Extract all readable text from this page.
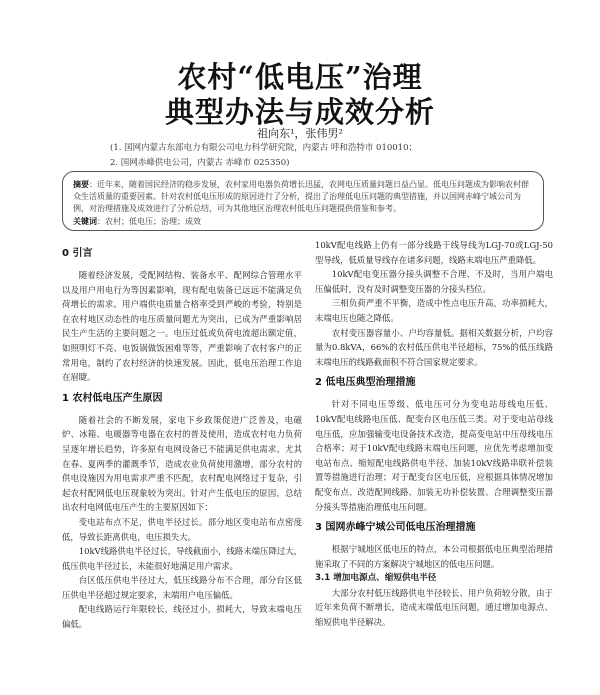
农村“低电压”治理
典型办法与成效分析
祖向东¹，张伟男²
(1. 国网内蒙古东部电力有限公司电力科学研究院，内蒙古 呼和浩特市 010010；
2. 国网赤峰供电公司，内蒙古 赤峰市 025350)
摘要：近年来，随着国民经济的稳步发展，农村家用电器负荷增长迅猛，农网电压质量问题日益凸显。低电压问题成为影响农村群众生活质量的重要因素。针对农村低电压形成的原因进行了分析，提出了治理低电压问题的典型措施，并以国网赤峰宁城公司为例，对治理措施及成效进行了分析总结，可为其他地区治理农村低电压问题提供借鉴和参考。
关键词：农村；低电压；治理；成效
0 引言

随着经济发展，受配网结构、装备水平、配网综合管理水平以及用户用电行为等因素影响，现有配电装备已远远不能满足负荷增长的需求。用户端供电质量合格率受到严峻的考验，特别是在农村地区动态性的电压质量问题尤为突出，已成为严重影响居民生产生活的主要问题之一。电压过低或负荷电流超出额定值，如照明灯不亮、电饭锅做饭困难等等，严重影响了农村客户的正常用电，制约了农村经济的快速发展。因此，低电压治理工作迫在眉睫。

1 农村低电压产生原因

随着社会的不断发展，家电下乡政策促进广泛普及，电磁炉、冰箱、电暖器等电器在农村的普及使用，造成农村电力负荷呈逐年增长趋势，许多原有电网设备已不能满足供电需求。尤其在春、夏两季的灌溉季节，造成农业负荷使用激增，部分农村的供电设施因为用电需求严重不匹配，农村配电网络过于复杂，引起农村配网低电压现象较为突出。针对产生低电压的原因，总结出农村电网低电压产生的主要原因如下：

变电站布点不足，供电半径过长。部分地区变电站布点密度低，导致长距离供电，电压损失大。

10kV线路供电半径过长，导线截面小，线路末端压降过大，低压供电半径过长，未能很好地满足用户需求。

台区低压供电半径过大，低压线路分布不合理，部分台区低压供电半径超过规定要求，末端用户电压偏低。

配电线路运行年限较长，线径过小，损耗大，导致末端电压偏低。

10kV配电线路上仍有一部分线路干线导线为LGJ-70或LGJ-50型导线，低质量导线存在诸多问题，线路末端电压严重降低。

10kV配电变压器分接头调整不合理、不及时，当用户端电压偏低时，没有及时调整变压器的分接头档位。

三相负荷严重不平衡，造成中性点电压升高，功率损耗大，末端电压也随之降低。

农村变压器容量小、户均容量低。据相关数据分析，户均容量为0.8kVA，66%的农村低压供电半径超标，75%的低压线路末端电压的线路截面积不符合国家规定要求。

2 低电压典型治理措施

针对不同电压等级、低电压可分为变电站母线电压低、10kV配电线路电压低、配变台区电压低三类。对于变电站母线电压低，应加强输变电设备技术改造，提高变电站中压母线电压合格率；对于10kV配电线路末端电压问题，应优先考虑增加变电站布点、缩短配电线路供电半径、加装10kV线路串联补偿装置等措施进行治理；对于配变台区电压低，应根据具体情况增加配变布点、改造配网线路、加装无功补偿装置、合理调整变压器分接头等措施治理低电压问题。

3 国网赤峰宁城公司低电压治理措施

根据宁城地区低电压的特点，本公司根据低电压典型治理措施采取了不同的方案解决宁城地区的低电压问题。

3.1 增加电源点、缩短供电半径

大部分农村低压线路供电半径较长、用户负荷较分散，由于近年来负荷不断增长，造成末端低电压问题，通过增加电源点、缩短供电半径解决。
